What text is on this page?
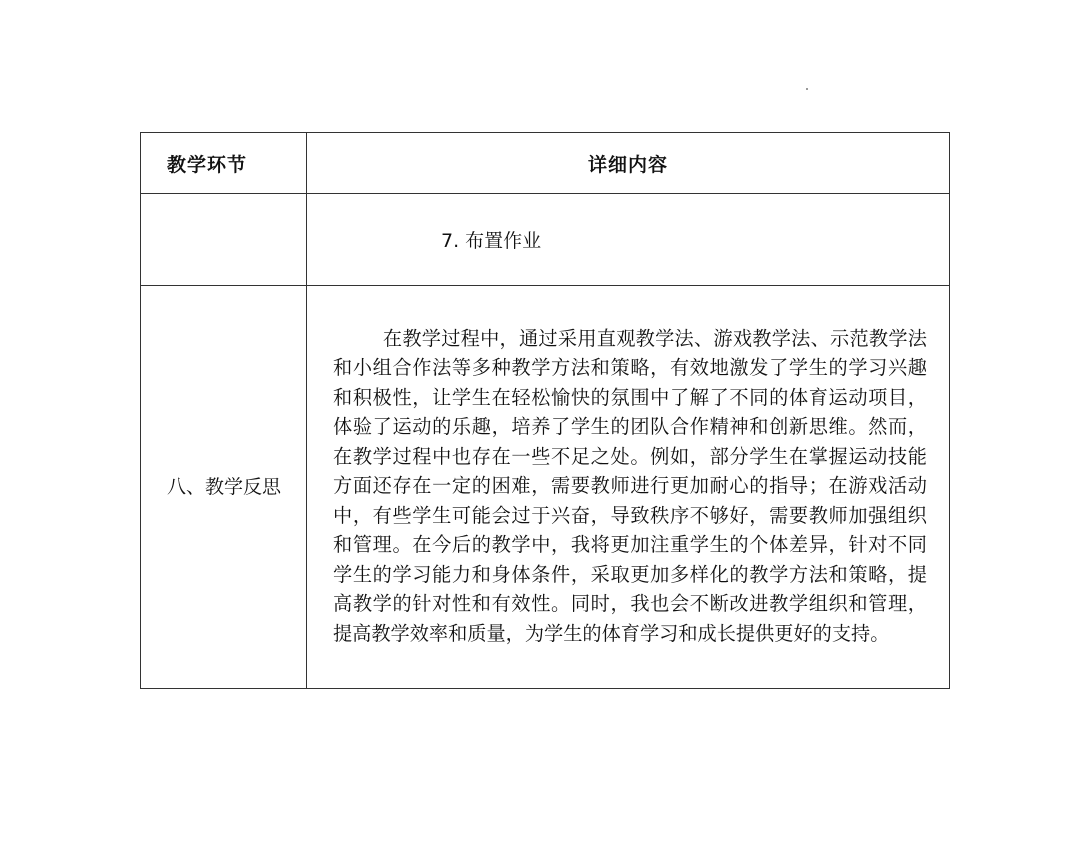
教学环节	详细内容
	7. 布置作业
八、教学反思	在教学过程中，通过采用直观教学法、游戏教学法、示范教学法和小组合作法等多种教学方法和策略，有效地激发了学生的学习兴趣和积极性，让学生在轻松愉快的氛围中了解了不同的体育运动项目，体验了运动的乐趣，培养了学生的团队合作精神和创新思维。然而，在教学过程中也存在一些不足之处。例如，部分学生在掌握运动技能方面还存在一定的困难，需要教师进行更加耐心的指导；在游戏活动中，有些学生可能会过于兴奋，导致秩序不够好，需要教师加强组织和管理。在今后的教学中，我将更加注重学生的个体差异，针对不同学生的学习能力和身体条件，采取更加多样化的教学方法和策略，提高教学的针对性和有效性。同时，我也会不断改进教学组织和管理，提高教学效率和质量，为学生的体育学习和成长提供更好的支持。
